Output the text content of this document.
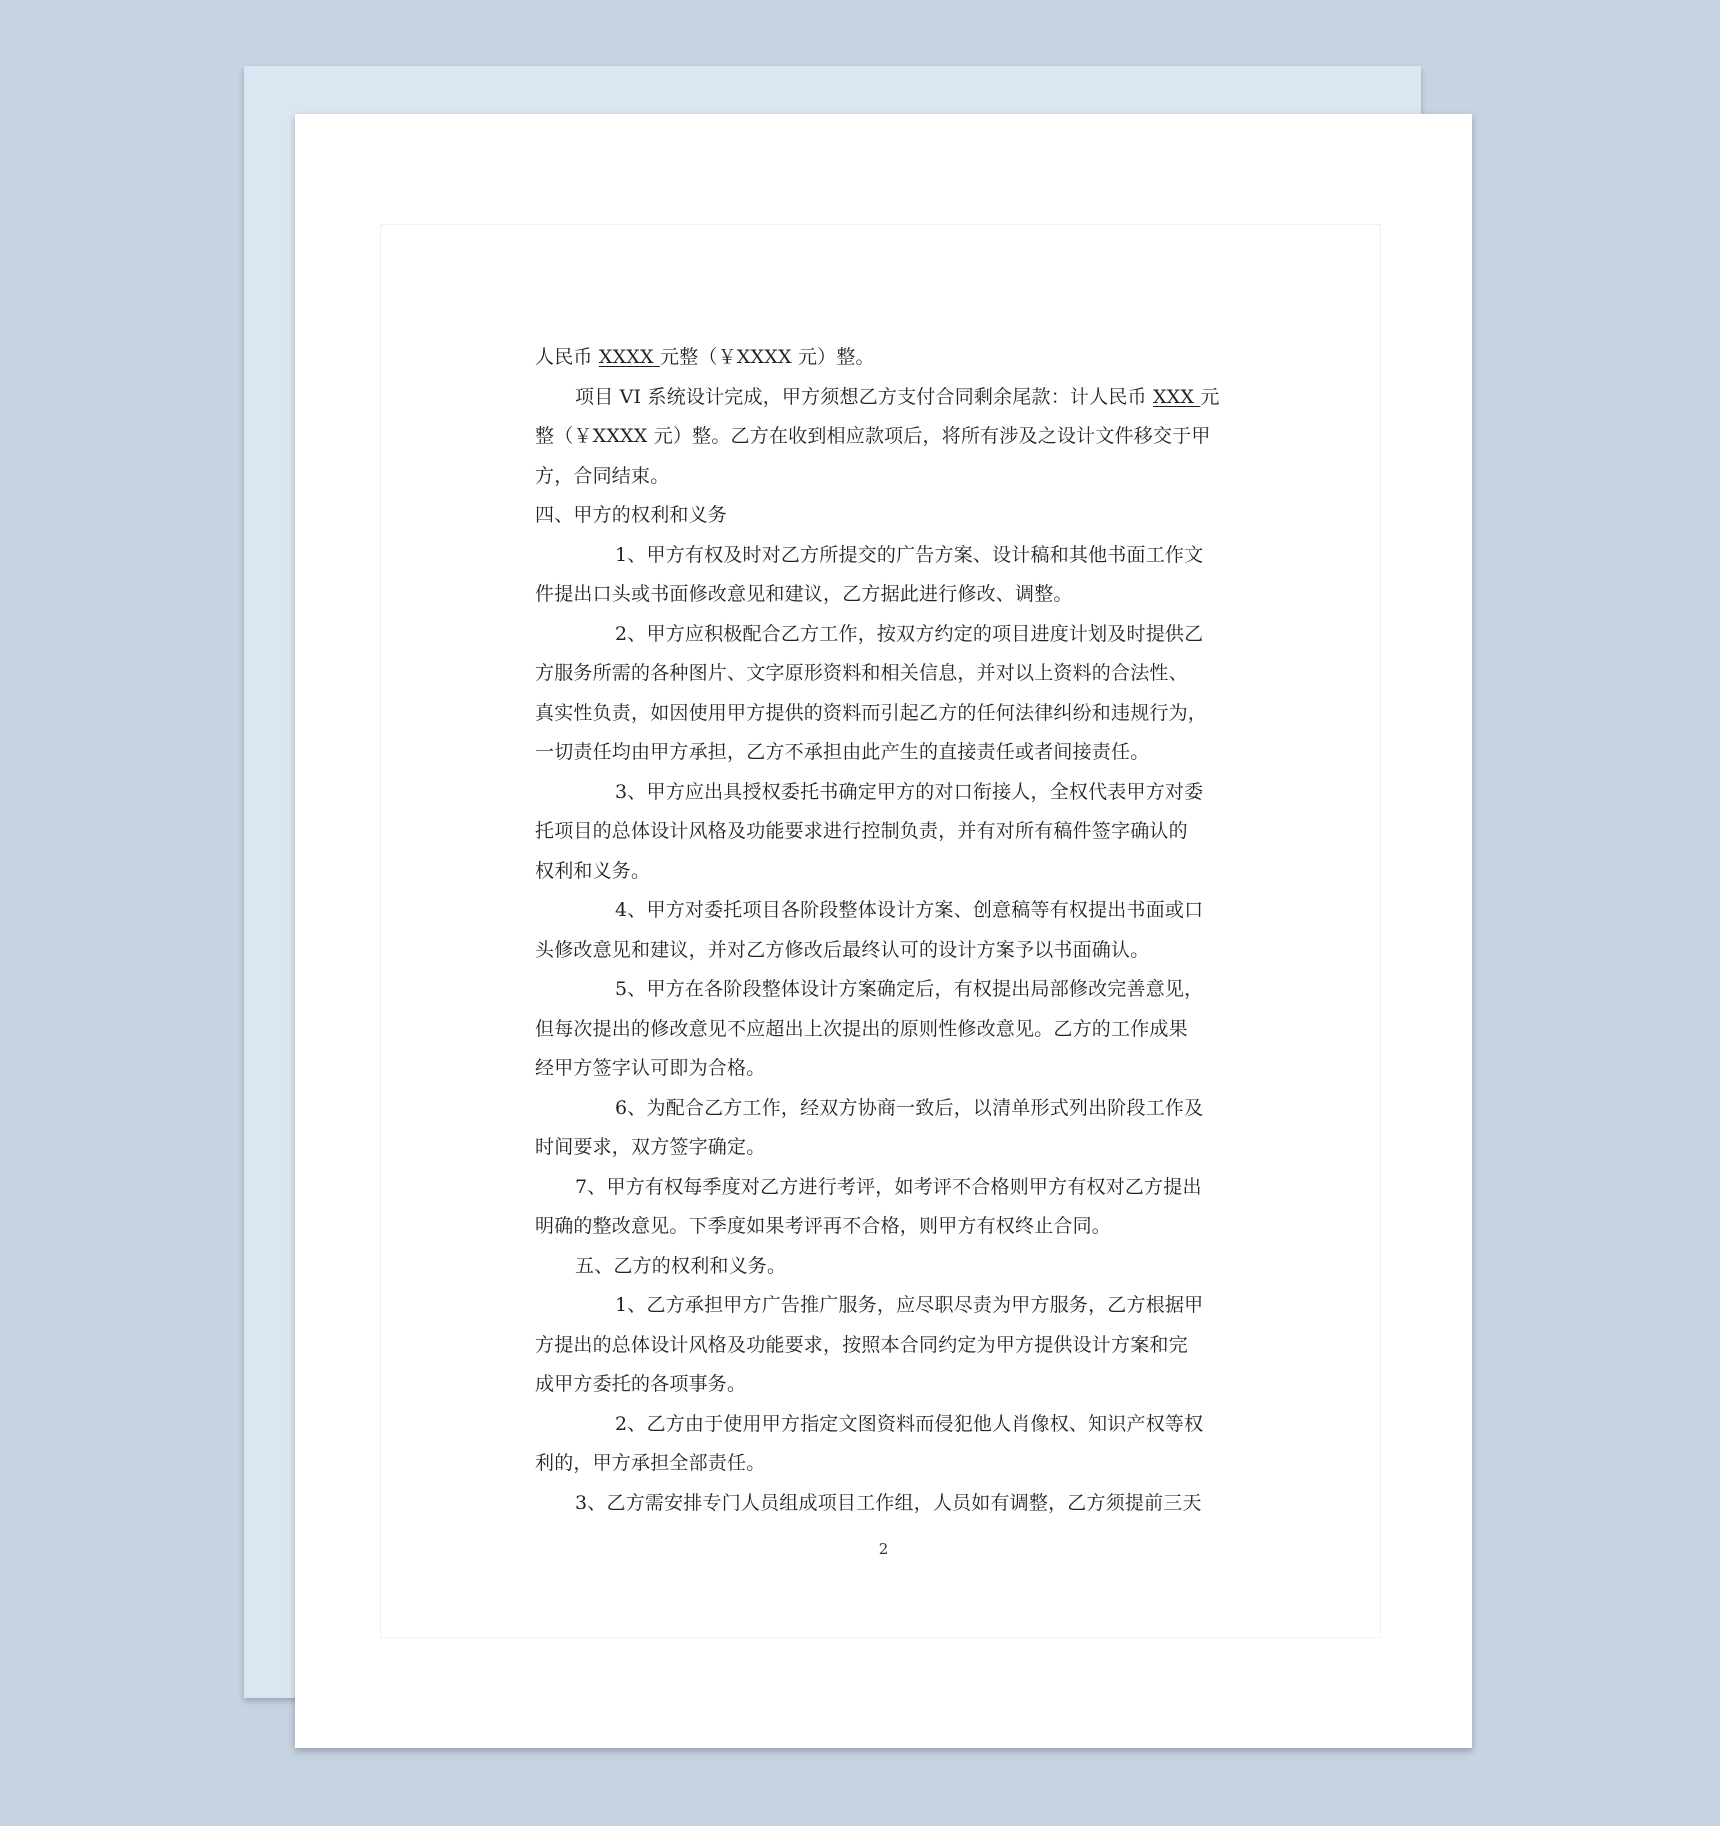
人民币 XXXX 元整（￥XXXX 元）整。
项目 VI 系统设计完成，甲方须想乙方支付合同剩余尾款：计人民币 XXX 元
整（￥XXXX 元）整。乙方在收到相应款项后，将所有涉及之设计文件移交于甲
方，合同结束。
四、甲方的权利和义务
1、甲方有权及时对乙方所提交的广告方案、设计稿和其他书面工作文
件提出口头或书面修改意见和建议，乙方据此进行修改、调整。
2、甲方应积极配合乙方工作，按双方约定的项目进度计划及时提供乙
方服务所需的各种图片、文字原形资料和相关信息，并对以上资料的合法性、
真实性负责，如因使用甲方提供的资料而引起乙方的任何法律纠纷和违规行为，
一切责任均由甲方承担，乙方不承担由此产生的直接责任或者间接责任。
3、甲方应出具授权委托书确定甲方的对口衔接人，全权代表甲方对委
托项目的总体设计风格及功能要求进行控制负责，并有对所有稿件签字确认的
权利和义务。
4、甲方对委托项目各阶段整体设计方案、创意稿等有权提出书面或口
头修改意见和建议，并对乙方修改后最终认可的设计方案予以书面确认。
5、甲方在各阶段整体设计方案确定后，有权提出局部修改完善意见，
但每次提出的修改意见不应超出上次提出的原则性修改意见。乙方的工作成果
经甲方签字认可即为合格。
6、为配合乙方工作，经双方协商一致后，以清单形式列出阶段工作及
时间要求，双方签字确定。
7、甲方有权每季度对乙方进行考评，如考评不合格则甲方有权对乙方提出
明确的整改意见。下季度如果考评再不合格，则甲方有权终止合同。
五、乙方的权利和义务。
1、乙方承担甲方广告推广服务，应尽职尽责为甲方服务，乙方根据甲
方提出的总体设计风格及功能要求，按照本合同约定为甲方提供设计方案和完
成甲方委托的各项事务。
2、乙方由于使用甲方指定文图资料而侵犯他人肖像权、知识产权等权
利的，甲方承担全部责任。
3、乙方需安排专门人员组成项目工作组，人员如有调整，乙方须提前三天
2
